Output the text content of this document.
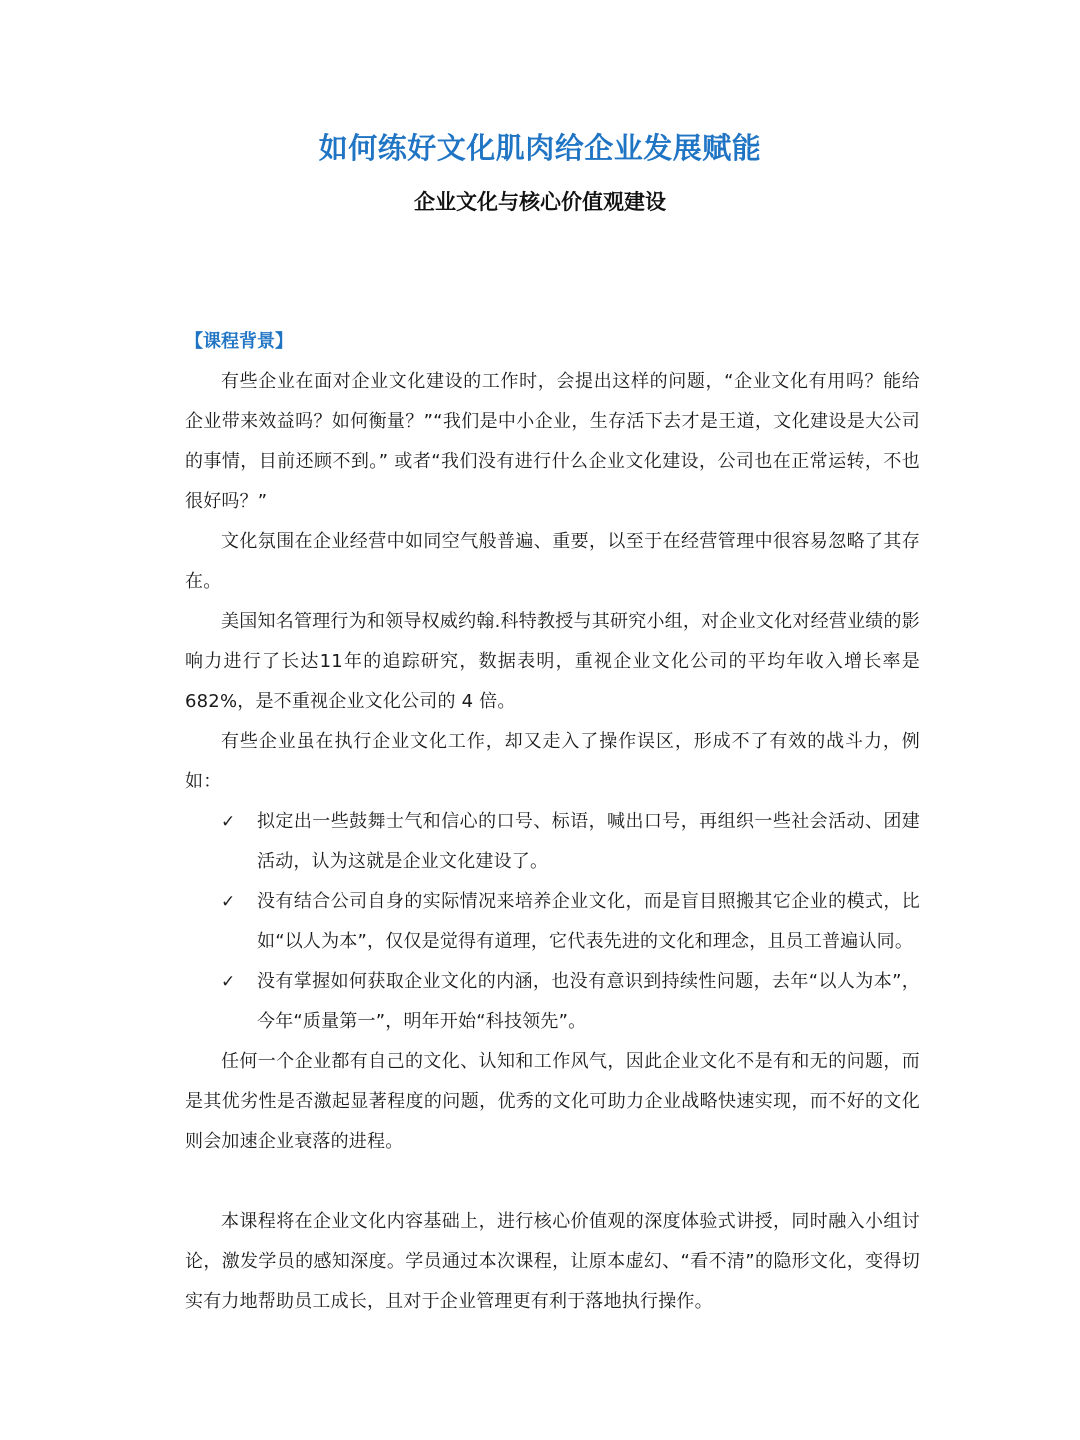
如何练好文化肌肉给企业发展赋能
企业文化与核心价值观建设
【课程背景】

有些企业在面对企业文化建设的工作时，会提出这样的问题，“企业文化有用吗？能给企业带来效益吗？如何衡量？”“我们是中小企业，生存活下去才是王道，文化建设是大公司的事情，目前还顾不到。” 或者“我们没有进行什么企业文化建设，公司也在正常运转，不也很好吗？”

文化氛围在企业经营中如同空气般普遍、重要，以至于在经营管理中很容易忽略了其存在。

美国知名管理行为和领导权威约翰.科特教授与其研究小组，对企业文化对经营业绩的影响力进行了长达11年的追踪研究，数据表明，重视企业文化公司的平均年收入增长率是682%，是不重视企业文化公司的 4 倍。

有些企业虽在执行企业文化工作，却又走入了操作误区，形成不了有效的战斗力，例如：

✓ 拟定出一些鼓舞士气和信心的口号、标语，喊出口号，再组织一些社会活动、团建活动，认为这就是企业文化建设了。
✓ 没有结合公司自身的实际情况来培养企业文化，而是盲目照搬其它企业的模式，比如“以人为本”，仅仅是觉得有道理，它代表先进的文化和理念，且员工普遍认同。
✓ 没有掌握如何获取企业文化的内涵，也没有意识到持续性问题，去年“以人为本”，今年“质量第一”，明年开始“科技领先”。

任何一个企业都有自己的文化、认知和工作风气，因此企业文化不是有和无的问题，而是其优劣性是否激起显著程度的问题，优秀的文化可助力企业战略快速实现，而不好的文化则会加速企业衰落的进程。

本课程将在企业文化内容基础上，进行核心价值观的深度体验式讲授，同时融入小组讨论，激发学员的感知深度。学员通过本次课程，让原本虚幻、“看不清”的隐形文化，变得切实有力地帮助员工成长，且对于企业管理更有利于落地执行操作。
